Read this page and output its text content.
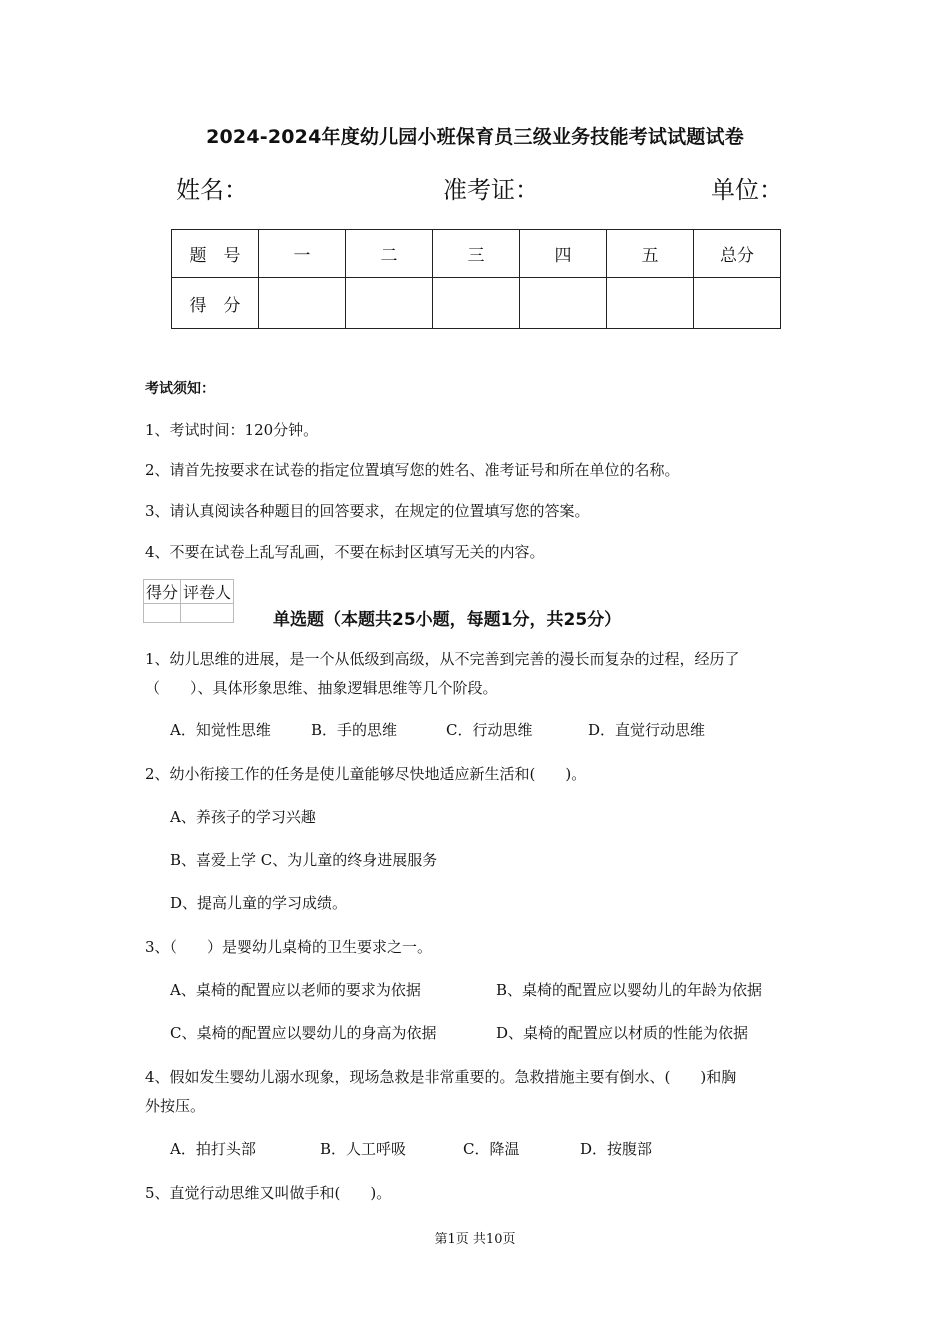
2024-2024年度幼儿园小班保育员三级业务技能考试试题试卷
姓名：	准考证：	单位：
题　号	一	二	三	四	五	总分
得　分						
考试须知：
1、考试时间：120分钟。
2、请首先按要求在试卷的指定位置填写您的姓名、准考证号和所在单位的名称。
3、请认真阅读各种题目的回答要求，在规定的位置填写您的答案。
4、不要在试卷上乱写乱画，不要在标封区填写无关的内容。
得分	评卷人

单选题（本题共25小题，每题1分，共25分）
1、幼儿思维的进展，是一个从低级到高级，从不完善到完善的漫长而复杂的过程，经历了
（　　）、具体形象思维、抽象逻辑思维等几个阶段。
A．知觉性思维	B．手的思维	C．行动思维	D．直觉行动思维
2、幼小衔接工作的任务是使儿童能够尽快地适应新生活和(　　)。
A、养孩子的学习兴趣
B、喜爱上学 C、为儿童的终身进展服务
D、提高儿童的学习成绩。
3、（　　）是婴幼儿桌椅的卫生要求之一。
A、桌椅的配置应以老师的要求为依据	B、桌椅的配置应以婴幼儿的年龄为依据
C、桌椅的配置应以婴幼儿的身高为依据	D、桌椅的配置应以材质的性能为依据
4、假如发生婴幼儿溺水现象，现场急救是非常重要的。急救措施主要有倒水、(　　)和胸
外按压。
A．拍打头部	B．人工呼吸	C．降温	D．按腹部
5、直觉行动思维又叫做手和(　　)。
第1页 共10页
